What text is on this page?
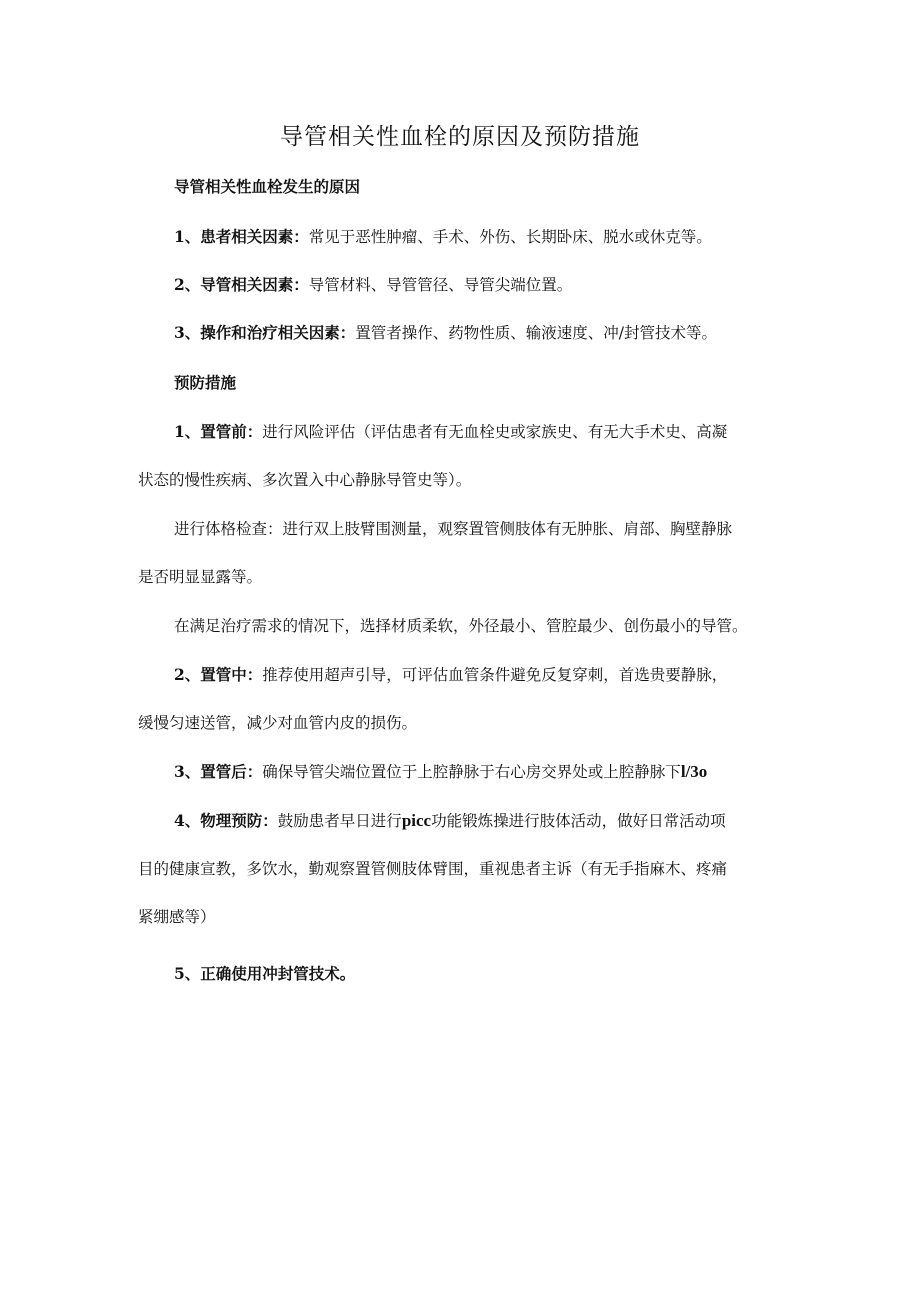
导管相关性血栓的原因及预防措施

导管相关性血栓发生的原因

1、患者相关因素：常见于恶性肿瘤、手术、外伤、长期卧床、脱水或休克等。

2、导管相关因素：导管材料、导管管径、导管尖端位置。

3、操作和治疗相关因素：置管者操作、药物性质、输液速度、冲/封管技术等。

预防措施

1、置管前：进行风险评估（评估患者有无血栓史或家族史、有无大手术史、高凝

状态的慢性疾病、多次置入中心静脉导管史等）。

进行体格检查：进行双上肢臂围测量，观察置管侧肢体有无肿胀、肩部、胸壁静脉

是否明显显露等。

在满足治疗需求的情况下，选择材质柔软，外径最小、管腔最少、创伤最小的导管。

2、置管中：推荐使用超声引导，可评估血管条件避免反复穿刺，首选贵要静脉，

缓慢匀速送管，减少对血管内皮的损伤。

3、置管后：确保导管尖端位置位于上腔静脉于右心房交界处或上腔静脉下l/3o

4、物理预防：鼓励患者早日进行picc功能锻炼操进行肢体活动，做好日常活动项

目的健康宣教，多饮水，勤观察置管侧肢体臂围，重视患者主诉（有无手指麻木、疼痛

紧绷感等）

5、正确使用冲封管技术。
